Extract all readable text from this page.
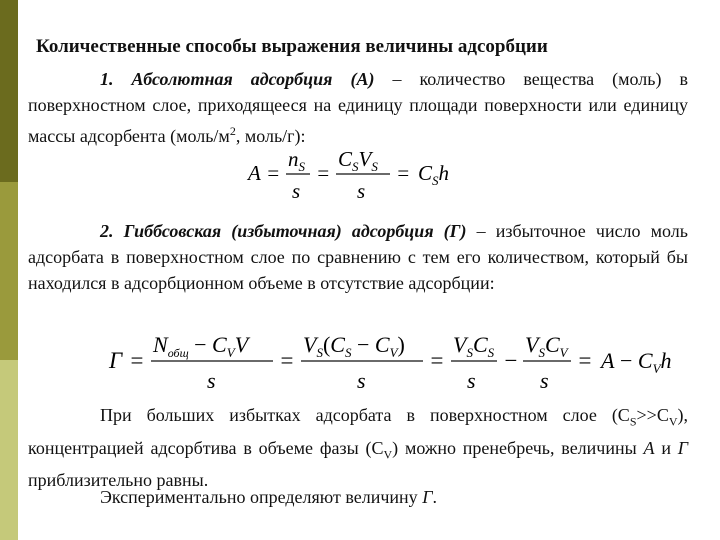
Количественные способы выражения величины адсорбции
1. Абсолютная адсорбция (А) – количество вещества (моль) в поверхностном слое, приходящееся на единицу площади поверхности или единицу массы адсорбента ($моль/м^2$, моль/г):
A =
$n_S$
s
=
$C_SV_S$
s
= $C_Sh$
2. Гиббсовская (избыточная) адсорбция (Г) – избыточное число моль адсорбата в поверхностном слое по сравнению с тем его количеством, который бы находился в адсорбционном объеме в отсутствие адсорбции:
Г =
$N_{общ} - C_VV$
s
=
$V_S(C_S - C_V)$
s
=
$V_SC_S$
s
−
$V_SC_V$
s
= $A - C_Vh$
При больших избытках адсорбата в поверхностном слое $(C_S>>C_V)$, концентрацией адсорбтива в объеме фазы $(C_V)$ можно пренебречь, величины А и Г приблизительно равны.
Экспериментально определяют величину Г.
